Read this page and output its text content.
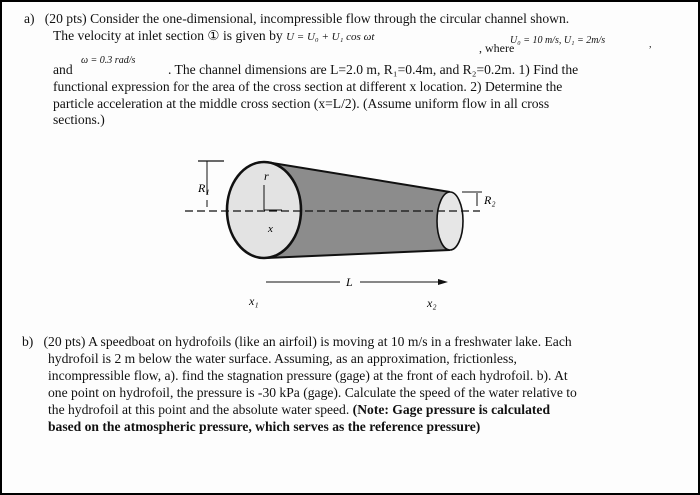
a) (20 pts) Consider the one-dimensional, incompressible flow through the circular channel shown.
The velocity at inlet section ① is given by U = U₀ + U₁ cos ωt
, where
U₀ = 10 m/s, U₁ = 2m/s	,
and
ω = 0.3 rad/s
. The channel dimensions are L=2.0 m, R₁=0.4m, and R₂=0.2m. 1) Find the
functional expression for the area of the cross section at different x location. 2) Determine the
particle acceleration at the middle cross section (x=L/2). (Assume uniform flow in all cross
sections.)
R₁
r
x
R₂
L
x₁	x₂
b) (20 pts) A speedboat on hydrofoils (like an airfoil) is moving at 10 m/s in a freshwater lake. Each
hydrofoil is 2 m below the water surface. Assuming, as an approximation, frictionless,
incompressible flow, a). find the stagnation pressure (gage) at the front of each hydrofoil. b). At
one point on hydrofoil, the pressure is -30 kPa (gage). Calculate the speed of the water relative to
the hydrofoil at this point and the absolute water speed. (Note: Gage pressure is calculated
based on the atmospheric pressure, which serves as the reference pressure)
